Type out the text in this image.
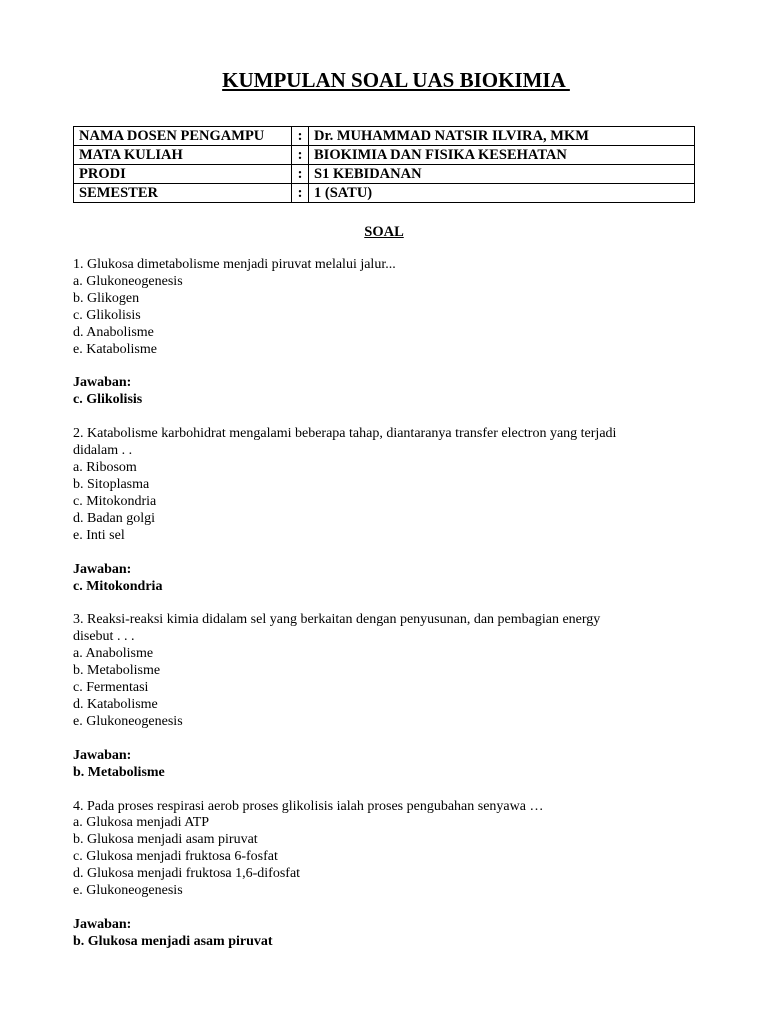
KUMPULAN SOAL UAS BIOKIMIA
NAMA DOSEN PENGAMPU	:	Dr. MUHAMMAD NATSIR ILVIRA, MKM
MATA KULIAH	:	BIOKIMIA DAN FISIKA KESEHATAN
PRODI	:	S1 KEBIDANAN
SEMESTER	:	1 (SATU)
SOAL
1. Glukosa dimetabolisme menjadi piruvat melalui jalur...
a. Glukoneogenesis
b. Glikogen
c. Glikolisis
d. Anabolisme
e. Katabolisme
Jawaban:
c. Glikolisis
2. Katabolisme karbohidrat mengalami beberapa tahap, diantaranya transfer electron yang terjadi
didalam . .
a. Ribosom
b. Sitoplasma
c. Mitokondria
d. Badan golgi
e. Inti sel
Jawaban:
c. Mitokondria
3. Reaksi-reaksi kimia didalam sel yang berkaitan dengan penyusunan, dan pembagian energy
disebut . . .
a. Anabolisme
b. Metabolisme
c. Fermentasi
d. Katabolisme
e. Glukoneogenesis
Jawaban:
b. Metabolisme
4. Pada proses respirasi aerob proses glikolisis ialah proses pengubahan senyawa …
a. Glukosa menjadi ATP
b. Glukosa menjadi asam piruvat
c. Glukosa menjadi fruktosa 6-fosfat
d. Glukosa menjadi fruktosa 1,6-difosfat
e. Glukoneogenesis
Jawaban:
b. Glukosa menjadi asam piruvat
